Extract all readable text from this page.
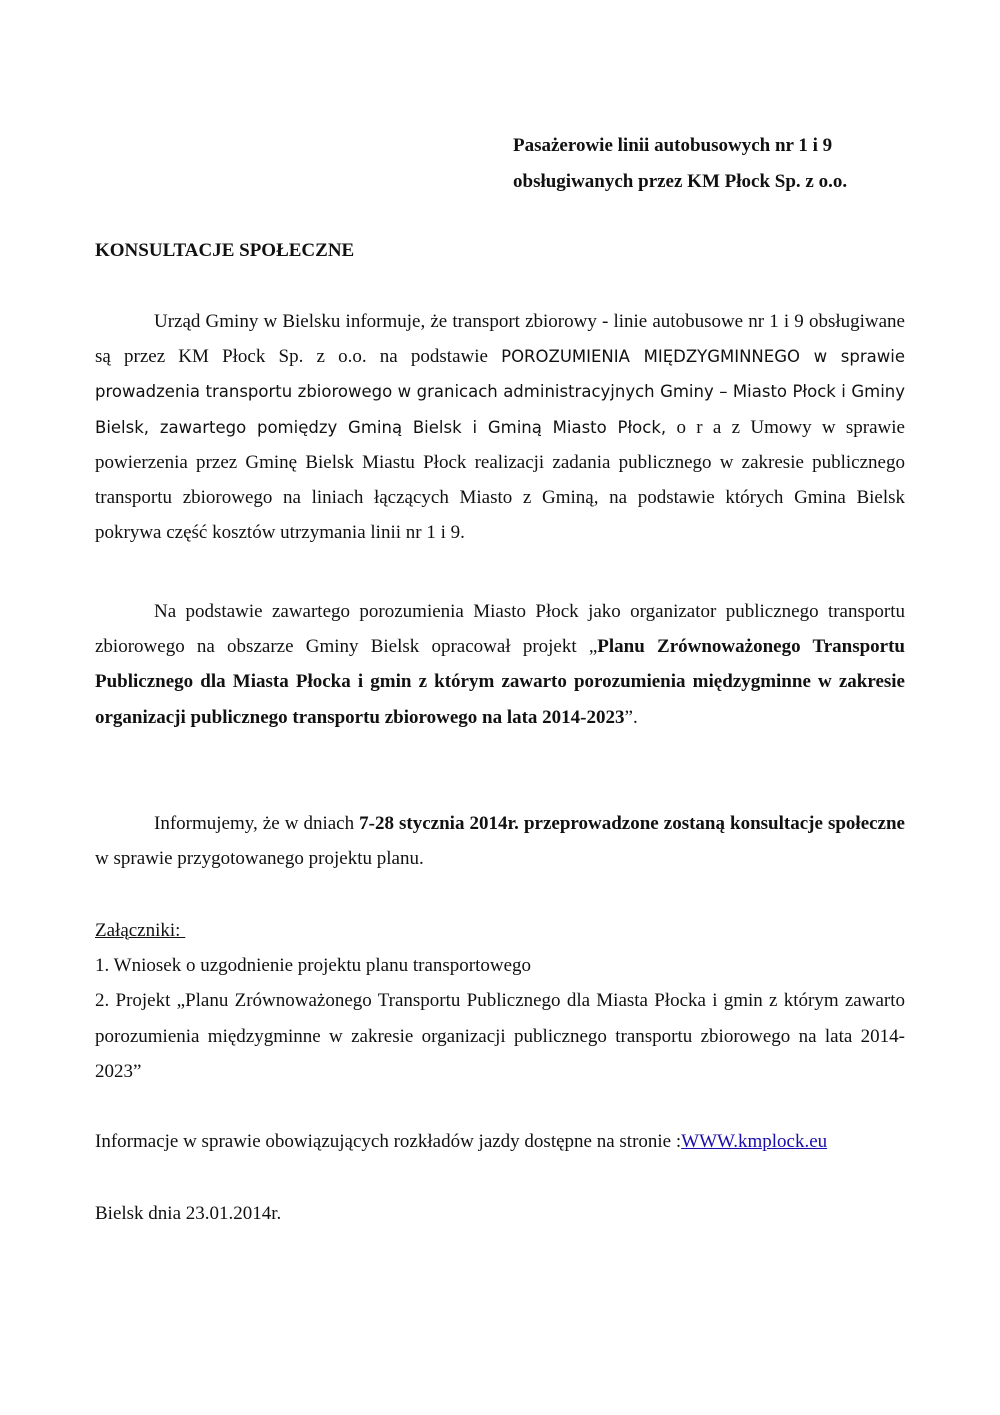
Pasażerowie linii autobusowych nr 1 i 9
obsługiwanych przez KM Płock Sp. z o.o.
KONSULTACJE SPOŁECZNE

Urząd Gminy w Bielsku informuje, że transport zbiorowy - linie autobusowe nr 1 i 9 obsługiwane są przez KM Płock Sp. z o.o. na podstawie POROZUMIENIA MIĘDZYGMINNEGO w sprawie prowadzenia transportu zbiorowego w granicach administracyjnych Gminy – Miasto Płock i Gminy Bielsk, zawartego pomiędzy Gminą Bielsk i Gminą Miasto Płock, o r a z Umowy w sprawie powierzenia przez Gminę Bielsk Miastu Płock realizacji zadania publicznego w zakresie publicznego transportu zbiorowego na liniach łączących Miasto z Gminą, na podstawie których Gmina Bielsk pokrywa część kosztów utrzymania linii nr 1 i 9.

Na podstawie zawartego porozumienia Miasto Płock jako organizator publicznego transportu zbiorowego na obszarze Gminy Bielsk opracował projekt „Planu Zrównoważonego Transportu Publicznego dla Miasta Płocka i gmin z którym zawarto porozumienia międzygminne w zakresie organizacji publicznego transportu zbiorowego na lata 2014-2023”.

Informujemy, że w dniach 7-28 stycznia 2014r. przeprowadzone zostaną konsultacje społeczne w sprawie przygotowanego projektu planu.

Załączniki:
1. Wniosek o uzgodnienie projektu planu transportowego
2. Projekt „Planu Zrównoważonego Transportu Publicznego dla Miasta Płocka i gmin z którym zawarto porozumienia międzygminne w zakresie organizacji publicznego transportu zbiorowego na lata 2014-2023”
Informacje w sprawie obowiązujących rozkładów jazdy dostępne na stronie :WWW.kmplock.eu
Bielsk dnia 23.01.2014r.
